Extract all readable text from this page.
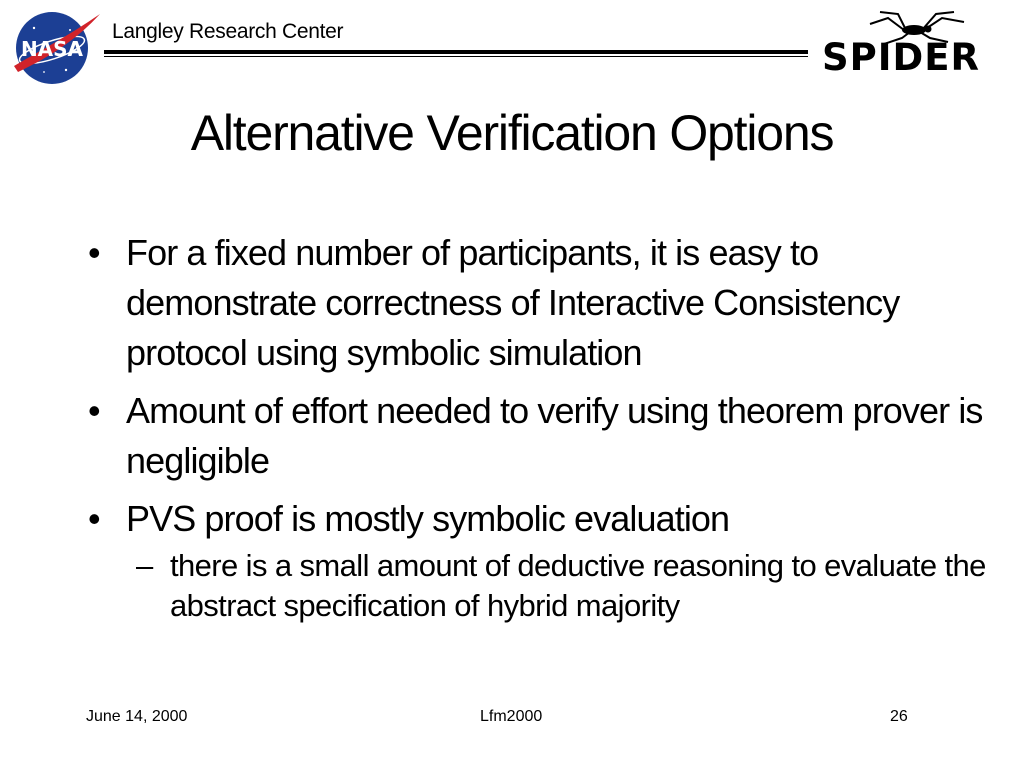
NASA
Langley Research Center
SPIDER
Alternative Verification Options
• For a fixed number of participants, it is easy to demonstrate correctness of Interactive Consistency protocol using symbolic simulation
• Amount of effort needed to verify using theorem prover is negligible
• PVS proof is mostly symbolic evaluation
– there is a small amount of deductive reasoning to evaluate the abstract specification of hybrid majority
June 14, 2000	Lfm2000	26
